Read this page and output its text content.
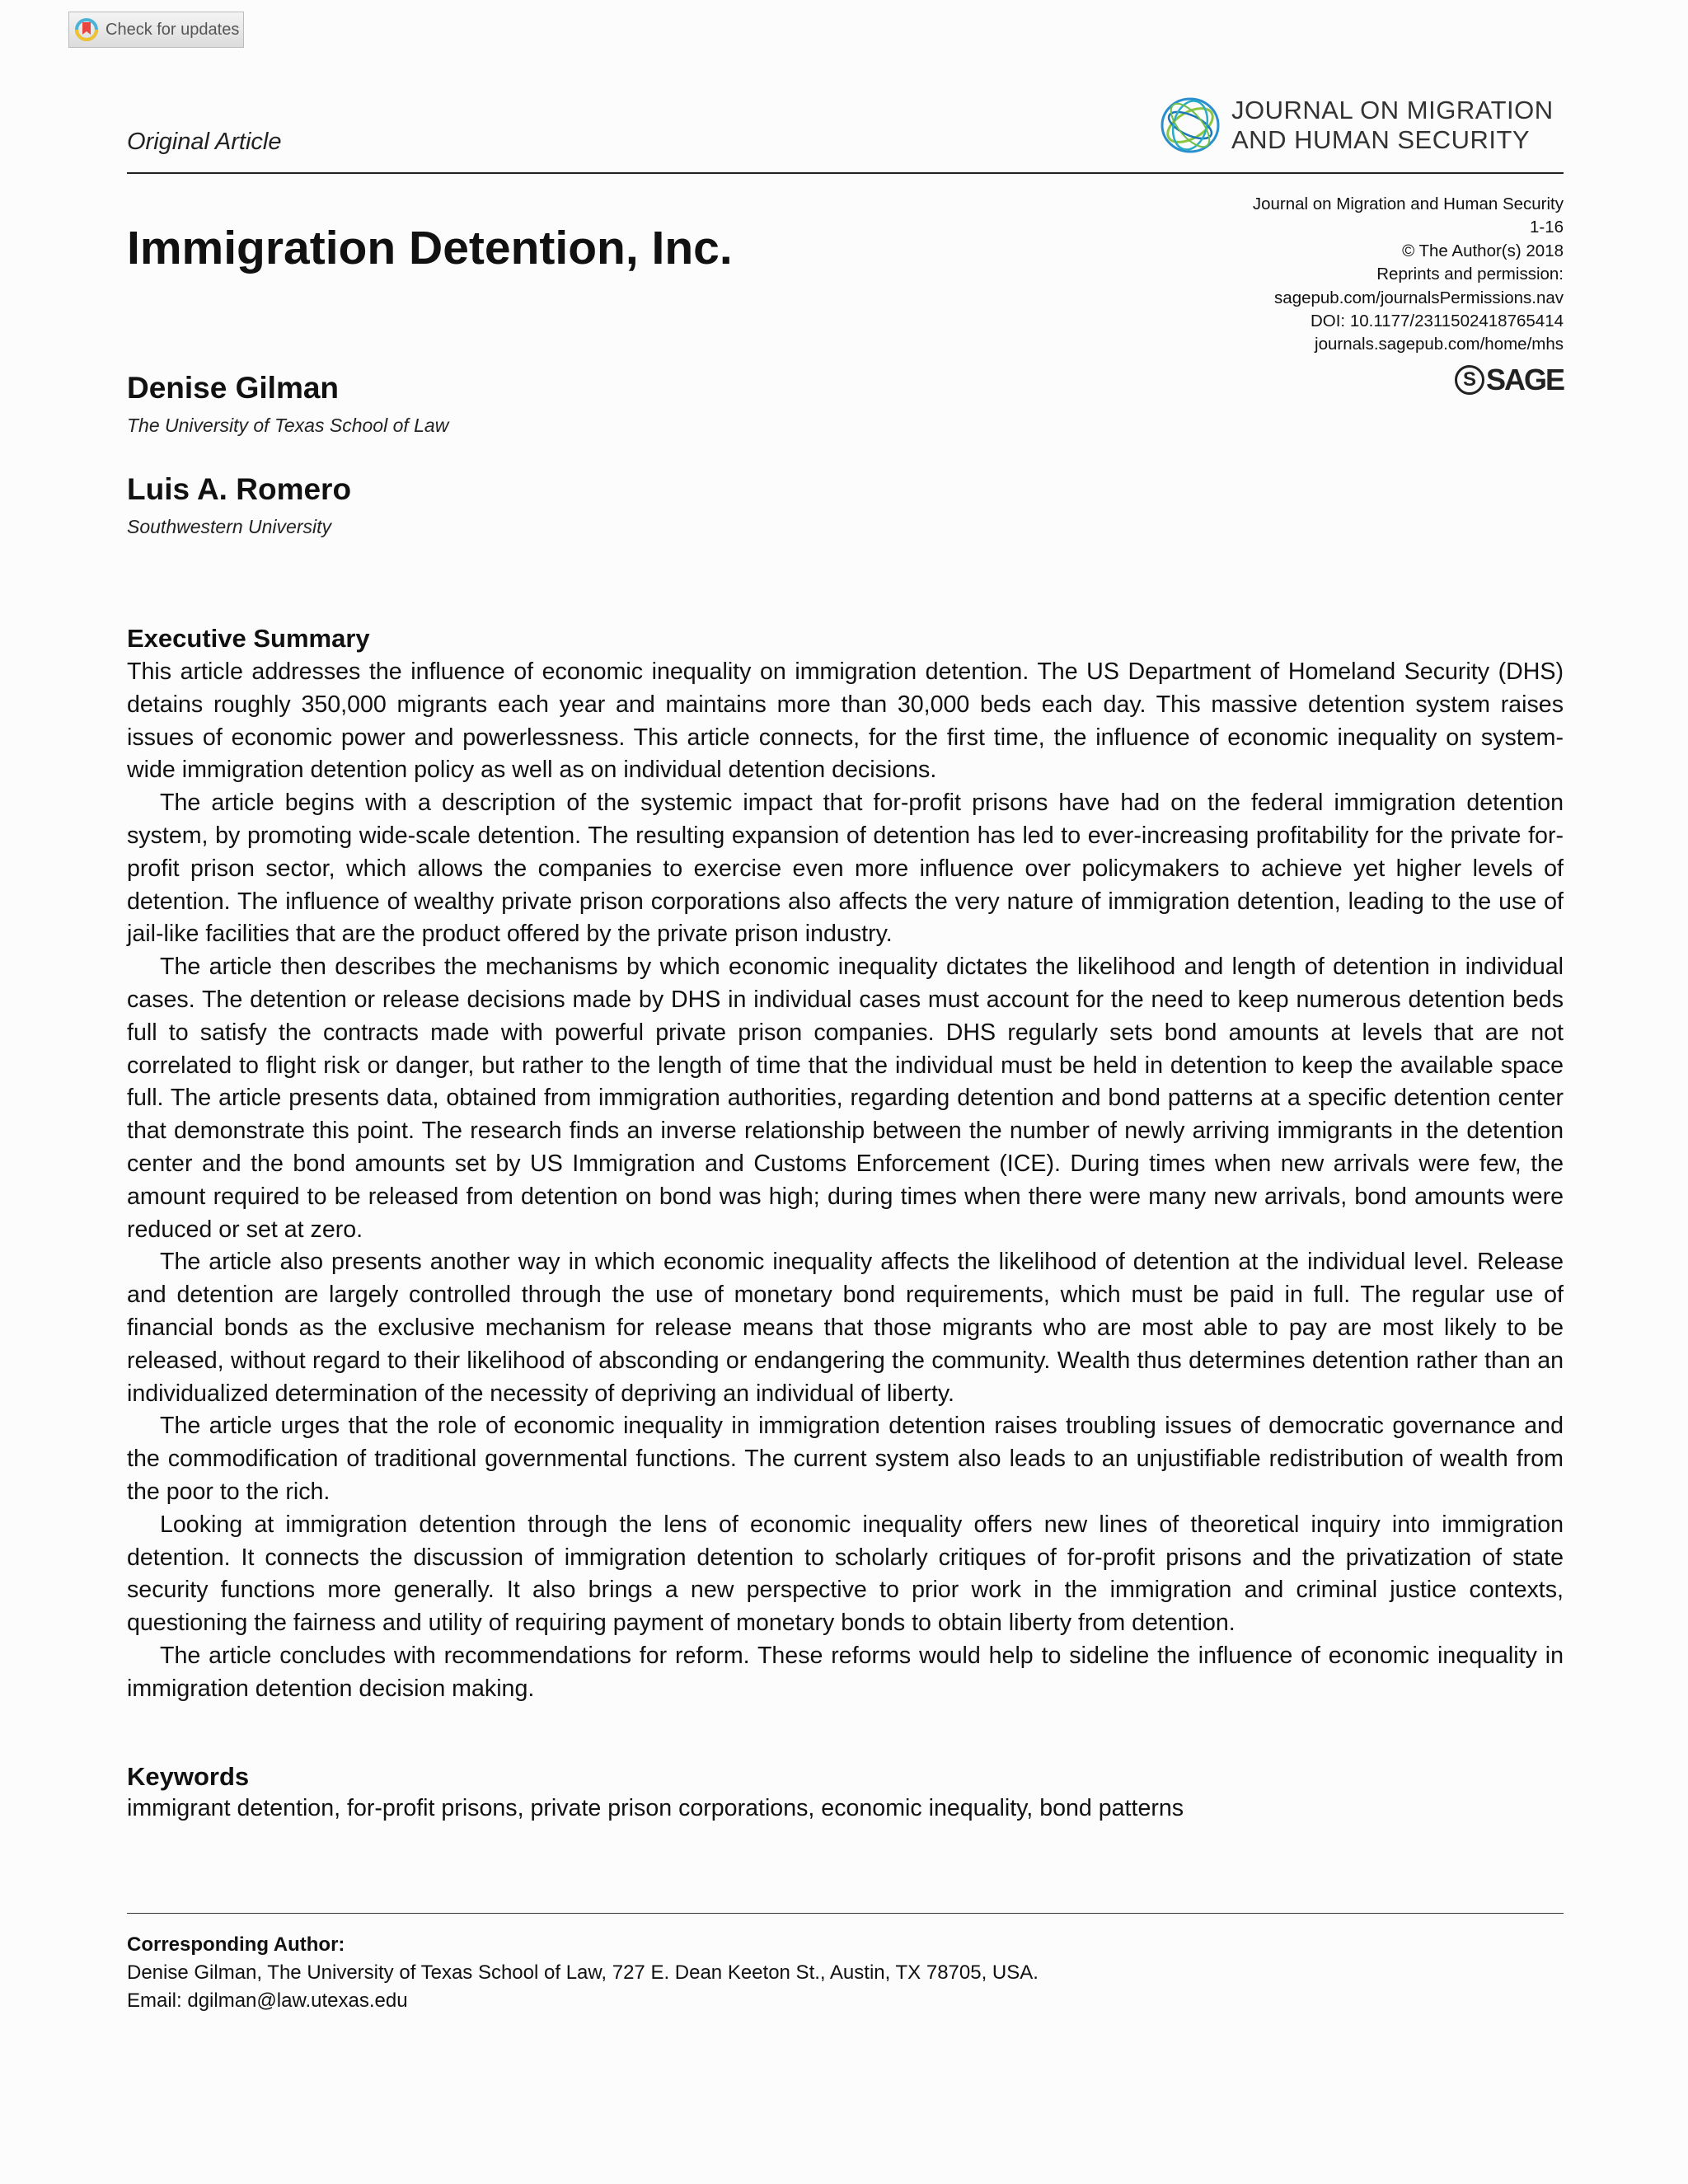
Check for updates
Original Article
JOURNAL ON MIGRATION
AND HUMAN SECURITY
Journal on Migration and Human Security
1-16
© The Author(s) 2018
Reprints and permission:
sagepub.com/journalsPermissions.nav
DOI: 10.1177/2311502418765414
journals.sagepub.com/home/mhs
S SAGE
Immigration Detention, Inc.
Denise Gilman
The University of Texas School of Law
Luis A. Romero
Southwestern University
Executive Summary

This article addresses the influence of economic inequality on immigration detention. The US Department of Homeland Security (DHS) detains roughly 350,000 migrants each year and maintains more than 30,000 beds each day. This massive detention system raises issues of economic power and powerlessness. This article connects, for the first time, the influence of economic inequality on system-wide immigration detention policy as well as on individual detention decisions.

The article begins with a description of the systemic impact that for-profit prisons have had on the federal immigration detention system, by promoting wide-scale detention. The resulting expansion of detention has led to ever-increasing profitability for the private for-profit prison sector, which allows the companies to exercise even more influence over policymakers to achieve yet higher levels of detention. The influence of wealthy private prison corporations also affects the very nature of immigration detention, leading to the use of jail-like facilities that are the product offered by the private prison industry.

The article then describes the mechanisms by which economic inequality dictates the likelihood and length of detention in individual cases. The detention or release decisions made by DHS in individual cases must account for the need to keep numerous detention beds full to satisfy the contracts made with powerful private prison companies. DHS regularly sets bond amounts at levels that are not correlated to flight risk or danger, but rather to the length of time that the individual must be held in detention to keep the available space full. The article presents data, obtained from immigration authorities, regarding detention and bond patterns at a specific detention center that demonstrate this point. The research finds an inverse relationship between the number of newly arriving immigrants in the detention center and the bond amounts set by US Immigration and Customs Enforcement (ICE). During times when new arrivals were few, the amount required to be released from detention on bond was high; during times when there were many new arrivals, bond amounts were reduced or set at zero.

The article also presents another way in which economic inequality affects the likelihood of detention at the individual level. Release and detention are largely controlled through the use of monetary bond requirements, which must be paid in full. The regular use of financial bonds as the exclusive mechanism for release means that those migrants who are most able to pay are most likely to be released, without regard to their likelihood of absconding or endangering the community. Wealth thus determines detention rather than an individualized determination of the necessity of depriving an individual of liberty.

The article urges that the role of economic inequality in immigration detention raises troubling issues of democratic governance and the commodification of traditional governmental functions. The current system also leads to an unjustifiable redistribution of wealth from the poor to the rich.

Looking at immigration detention through the lens of economic inequality offers new lines of theoretical inquiry into immigration detention. It connects the discussion of immigration detention to scholarly critiques of for-profit prisons and the privatization of state security functions more generally. It also brings a new perspective to prior work in the immigration and criminal justice contexts, questioning the fairness and utility of requiring payment of monetary bonds to obtain liberty from detention.

The article concludes with recommendations for reform. These reforms would help to sideline the influence of economic inequality in immigration detention decision making.

Keywords
immigrant detention, for-profit prisons, private prison corporations, economic inequality, bond patterns
Corresponding Author:
Denise Gilman, The University of Texas School of Law, 727 E. Dean Keeton St., Austin, TX 78705, USA.
Email: dgilman@law.utexas.edu
